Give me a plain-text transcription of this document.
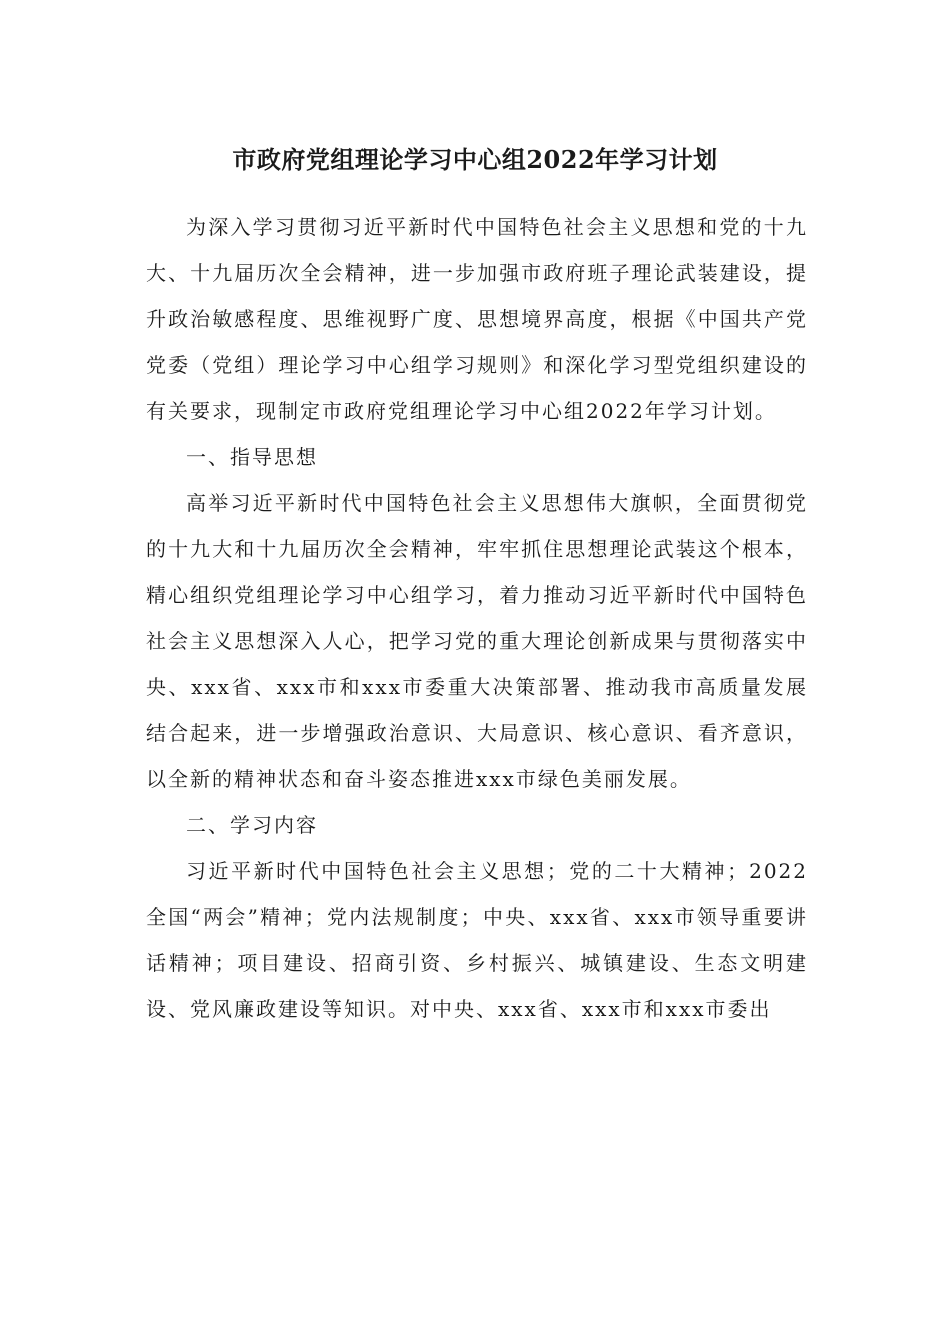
市政府党组理论学习中心组2022年学习计划

为深入学习贯彻习近平新时代中国特色社会主义思想和党的十九大、十九届历次全会精神，进一步加强市政府班子理论武装建设，提升政治敏感程度、思维视野广度、思想境界高度，根据《中国共产党党委（党组）理论学习中心组学习规则》和深化学习型党组织建设的有关要求，现制定市政府党组理论学习中心组2022年学习计划。

一、指导思想

高举习近平新时代中国特色社会主义思想伟大旗帜，全面贯彻党的十九大和十九届历次全会精神，牢牢抓住思想理论武装这个根本，精心组织党组理论学习中心组学习，着力推动习近平新时代中国特色社会主义思想深入人心，把学习党的重大理论创新成果与贯彻落实中央、xxx省、xxx市和xxx市委重大决策部署、推动我市高质量发展结合起来，进一步增强政治意识、大局意识、核心意识、看齐意识，以全新的精神状态和奋斗姿态推进xxx市绿色美丽发展。

二、学习内容

习近平新时代中国特色社会主义思想；党的二十大精神；2022全国“两会”精神；党内法规制度；中央、xxx省、xxx市领导重要讲话精神；项目建设、招商引资、乡村振兴、城镇建设、生态文明建设、党风廉政建设等知识。对中央、xxx省、xxx市和xxx市委出
